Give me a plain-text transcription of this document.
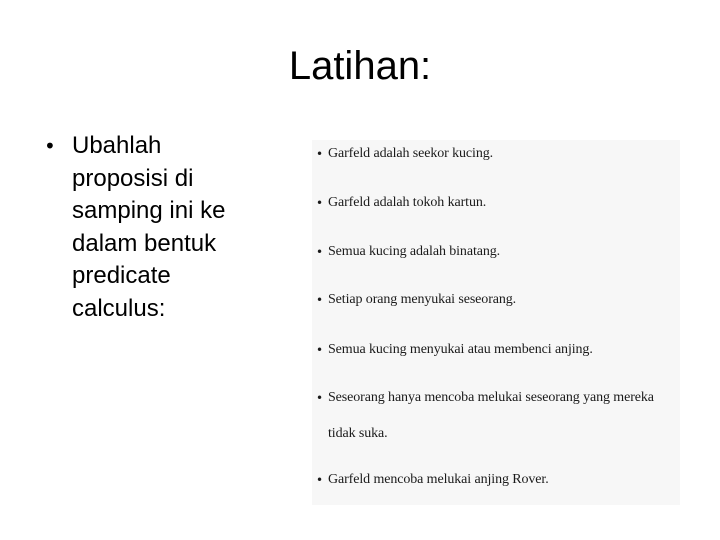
Latihan:
• Ubahlah
proposisi di
samping ini ke
dalam bentuk
predicate
calculus:
• Garfeld adalah seekor kucing.
• Garfeld adalah tokoh kartun.
• Semua kucing adalah binatang.
• Setiap orang menyukai seseorang.
• Semua kucing menyukai atau membenci anjing.
• Seseorang hanya mencoba melukai seseorang yang mereka tidak suka.
• Garfeld mencoba melukai anjing Rover.
